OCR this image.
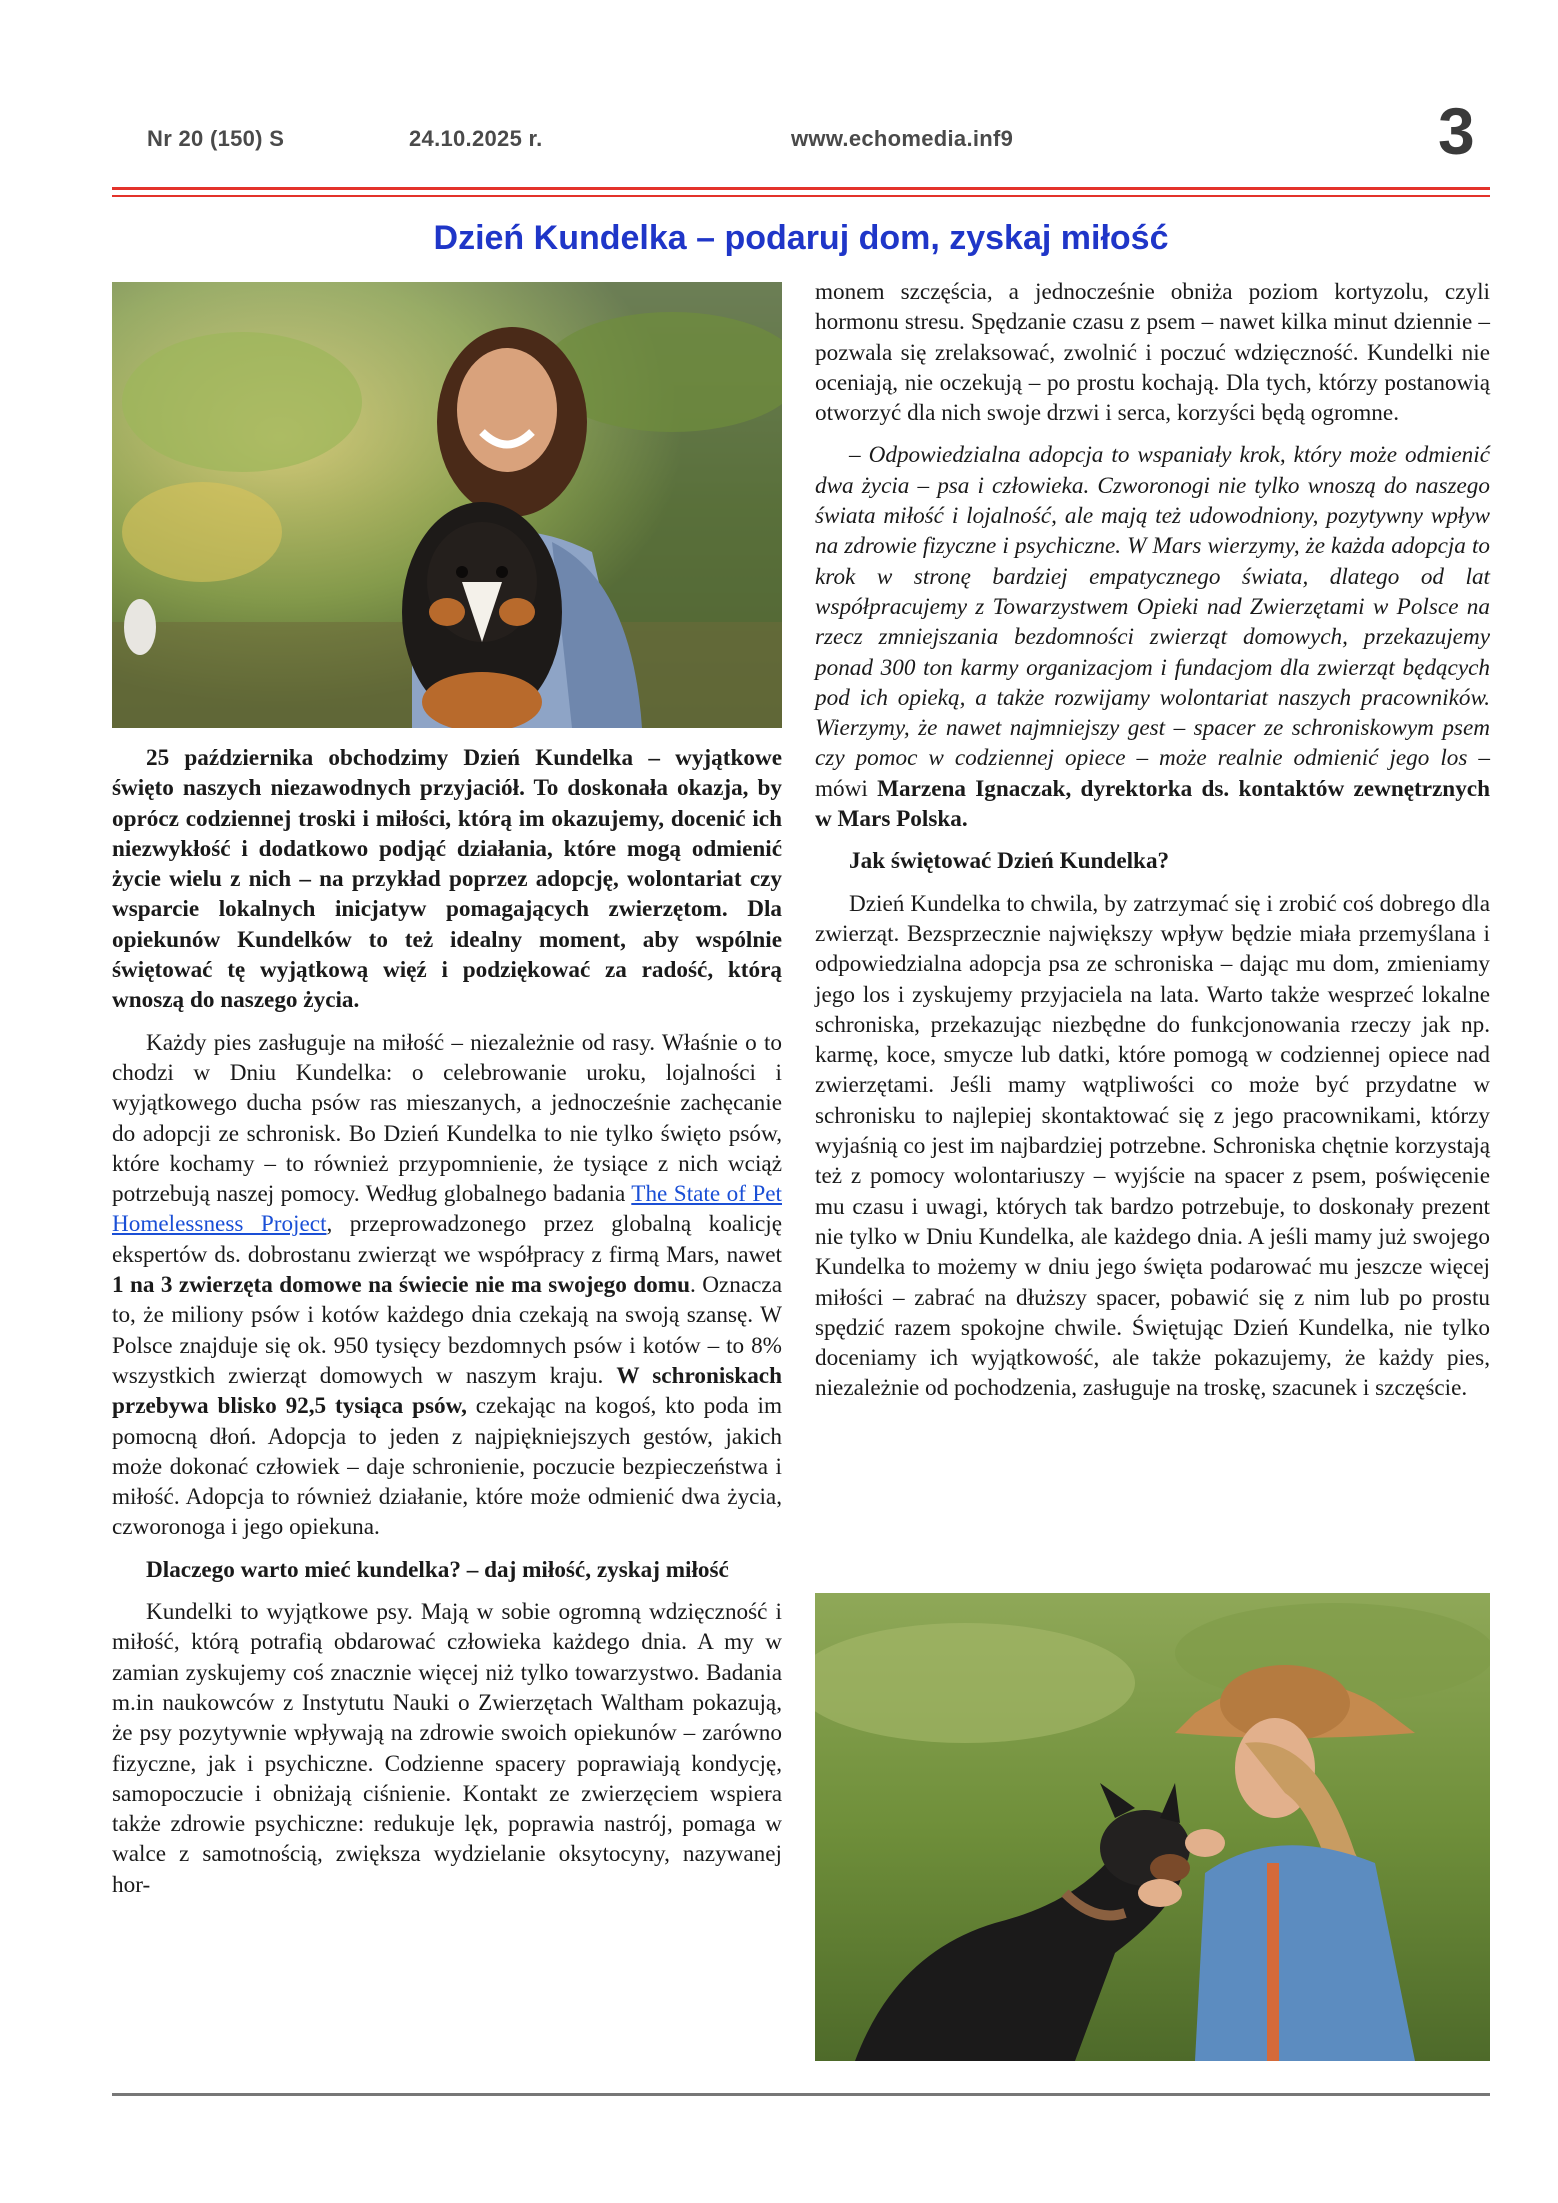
Nr 20 (150) S	24.10.2025 r.	www.echomedia.inf9	3
Dzień Kundelka – podaruj dom, zyskaj miłość

25 października obchodzimy Dzień Kundelka – wyjątkowe święto naszych niezawodnych przyjaciół. To doskonała okazja, by oprócz codziennej troski i miłości, którą im okazujemy, docenić ich niezwykłość i dodatkowo podjąć działania, które mogą odmienić życie wielu z nich – na przykład poprzez adopcję, wolontariat czy wsparcie lokalnych inicjatyw pomagających zwierzętom. Dla opiekunów Kundelków to też idealny moment, aby wspólnie świętować tę wyjątkową więź i podziękować za radość, którą wnoszą do naszego życia.

Każdy pies zasługuje na miłość – niezależnie od rasy. Właśnie o to chodzi w Dniu Kundelka: o celebrowanie uroku, lojalności i wyjątkowego ducha psów ras mieszanych, a jednocześnie zachęcanie do adopcji ze schronisk. Bo Dzień Kundelka to nie tylko święto psów, które kochamy – to również przypomnienie, że tysiące z nich wciąż potrzebują naszej pomocy. Według globalnego badania The State of Pet Homelessness Project, przeprowadzonego przez globalną koalicję ekspertów ds. dobrostanu zwierząt we współpracy z firmą Mars, nawet 1 na 3 zwierzęta domowe na świecie nie ma swojego domu. Oznacza to, że miliony psów i kotów każdego dnia czekają na swoją szansę. W Polsce znajduje się ok. 950 tysięcy bezdomnych psów i kotów – to 8% wszystkich zwierząt domowych w naszym kraju. W schroniskach przebywa blisko 92,5 tysiąca psów, czekając na kogoś, kto poda im pomocną dłoń. Adopcja to jeden z najpiękniejszych gestów, jakich może dokonać człowiek – daje schronienie, poczucie bezpieczeństwa i miłość. Adopcja to również działanie, które może odmienić dwa życia, czworonoga i jego opiekuna.

Dlaczego warto mieć kundelka? – daj miłość, zyskaj miłość

Kundelki to wyjątkowe psy. Mają w sobie ogromną wdzięczność i miłość, którą potrafią obdarować człowieka każdego dnia. A my w zamian zyskujemy coś znacznie więcej niż tylko towarzystwo. Badania m.in naukowców z Instytutu Nauki o Zwierzętach Waltham pokazują, że psy pozytywnie wpływają na zdrowie swoich opiekunów – zarówno fizyczne, jak i psychiczne. Codzienne spacery poprawiają kondycję, samopoczucie i obniżają ciśnienie. Kontakt ze zwierzęciem wspiera także zdrowie psychiczne: redukuje lęk, poprawia nastrój, pomaga w walce z samotnością, zwiększa wydzielanie oksytocyny, nazywanej hor-

monem szczęścia, a jednocześnie obniża poziom kortyzolu, czyli hormonu stresu. Spędzanie czasu z psem – nawet kilka minut dziennie – pozwala się zrelaksować, zwolnić i poczuć wdzięczność. Kundelki nie oceniają, nie oczekują – po prostu kochają. Dla tych, którzy postanowią otworzyć dla nich swoje drzwi i serca, korzyści będą ogromne.

– Odpowiedzialna adopcja to wspaniały krok, który może odmienić dwa życia – psa i człowieka. Czworonogi nie tylko wnoszą do naszego świata miłość i lojalność, ale mają też udowodniony, pozytywny wpływ na zdrowie fizyczne i psychiczne. W Mars wierzymy, że każda adopcja to krok w stronę bardziej empatycznego świata, dlatego od lat współpracujemy z Towarzystwem Opieki nad Zwierzętami w Polsce na rzecz zmniejszania bezdomności zwierząt domowych, przekazujemy ponad 300 ton karmy organizacjom i fundacjom dla zwierząt będących pod ich opieką, a także rozwijamy wolontariat naszych pracowników. Wierzymy, że nawet najmniejszy gest – spacer ze schroniskowym psem czy pomoc w codziennej opiece – może realnie odmienić jego los – mówi Marzena Ignaczak, dyrektorka ds. kontaktów zewnętrznych w Mars Polska.

Jak świętować Dzień Kundelka?

Dzień Kundelka to chwila, by zatrzymać się i zrobić coś dobrego dla zwierząt. Bezsprzecznie największy wpływ będzie miała przemyślana i odpowiedzialna adopcja psa ze schroniska – dając mu dom, zmieniamy jego los i zyskujemy przyjaciela na lata. Warto także wesprzeć lokalne schroniska, przekazując niezbędne do funkcjonowania rzeczy jak np. karmę, koce, smycze lub datki, które pomogą w codziennej opiece nad zwierzętami. Jeśli mamy wątpliwości co może być przydatne w schronisku to najlepiej skontaktować się z jego pracownikami, którzy wyjaśnią co jest im najbardziej potrzebne. Schroniska chętnie korzystają też z pomocy wolontariuszy – wyjście na spacer z psem, poświęcenie mu czasu i uwagi, których tak bardzo potrzebuje, to doskonały prezent nie tylko w Dniu Kundelka, ale każdego dnia. A jeśli mamy już swojego Kundelka to możemy w dniu jego święta podarować mu jeszcze więcej miłości – zabrać na dłuższy spacer, pobawić się z nim lub po prostu spędzić razem spokojne chwile. Świętując Dzień Kundelka, nie tylko doceniamy ich wyjątkowość, ale także pokazujemy, że każdy pies, niezależnie od pochodzenia, zasługuje na troskę, szacunek i szczęście.
